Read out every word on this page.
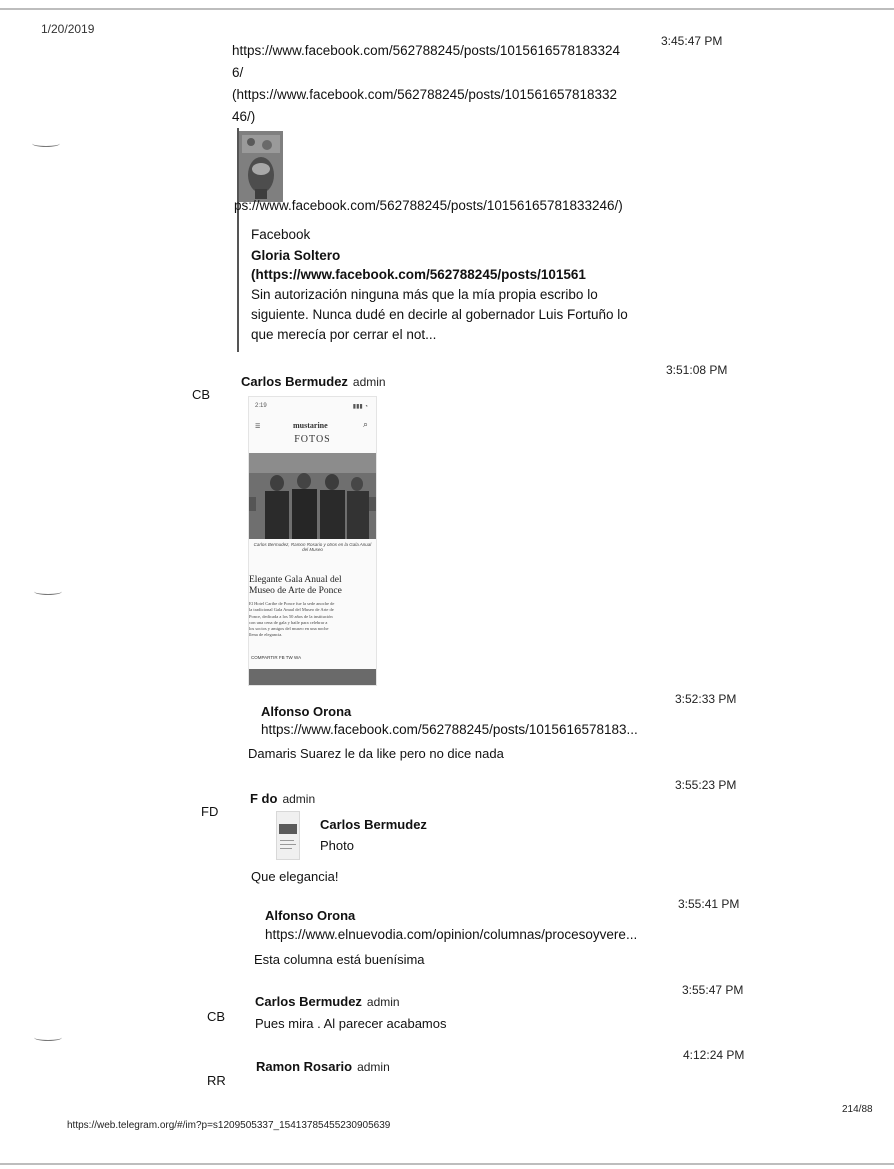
1/20/2019
3:45:47 PM
https://www.facebook.com/562788245/posts/1015616578183324
6/
(https://www.facebook.com/562788245/posts/101561657818332
46/)
ps://www.facebook.com/562788245/posts/10156165781833246/)
Facebook
Gloria Soltero
(https://www.facebook.com/562788245/posts/101561
Sin autorización ninguna más que la mía propia escribo lo
siguiente. Nunca dudé en decirle al gobernador Luis Fortuño lo
que merecía por cerrar el not...
CB
Carlos Bermudez admin
3:51:08 PM
2:19	▮▮▮ ◔
☰	mustarine	⌕
FOTOS
Carlos Bermudez, Ramon Rosario y otros en la Gala Anual del Museo
Elegante Gala Anual del
Museo de Arte de Ponce
El Hotel Caribe de Ponce fue la sede anoche de
la tradicional Gala Anual del Museo de Arte de
Ponce, dedicada a los 50 años de la institución
con una cena de gala y baile para celebrar a
los socios y amigos del museo en una noche
llena de elegancia.
COMPARTIR FB TW WA
3:52:33 PM
Alfonso Orona
https://www.facebook.com/562788245/posts/1015616578183...
Damaris Suarez le da like pero no dice nada
FD
F do admin
3:55:23 PM
Carlos Bermudez
Photo
Que elegancia!
3:55:41 PM
Alfonso Orona
https://www.elnuevodia.com/opinion/columnas/procesoyvere...
Esta columna está buenísima
CB
Carlos Bermudez admin
3:55:47 PM
Pues mira . Al parecer acabamos
RR
Ramon Rosario admin
4:12:24 PM
https://web.telegram.org/#/im?p=s1209505337_15413785455230905639
214/88
